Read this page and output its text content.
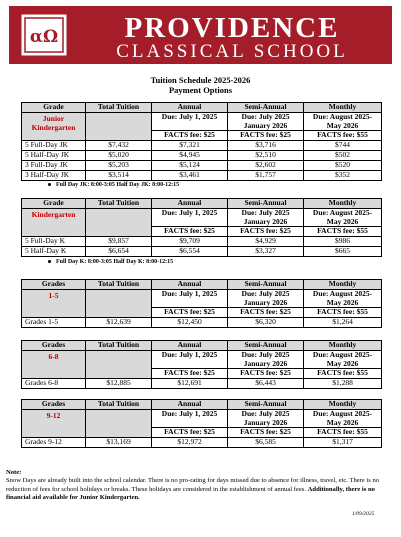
αΩ	PROVIDENCE
CLASSICAL SCHOOL
Tuition Schedule 2025-2026
Payment Options
Grade	Total Tuition	Annual	Semi-Annual	Monthly
Junior Kindergarten		Due: July 1, 2025	Due: July 2025 January 2026	Due: August 2025-May 2026
		FACTS fee: $25	FACTS fee: $25	FACTS fee: $55
5 Full-Day JK	$7,432	$7,321	$3,716	$744
5 Half-Day JK	$5,020	$4,945	$2,510	$502
3 Full-Day JK	$5,203	$5,124	$2,602	$520
3 Half-Day JK	$3,514	$3,461	$1,757	$352
Full Day JK: 8:00-3:05 Half Day JK: 8:00-12:15
Grade	Total Tuition	Annual	Semi-Annual	Monthly
Kindergarten		Due: July 1, 2025	Due: July 2025 January 2026	Due: August 2025-May 2026
		FACTS fee: $25	FACTS fee: $25	FACTS fee: $55
5 Full-Day K	$9,857	$9,709	$4,929	$986
5 Half-Day K	$6,654	$6,554	$3,327	$665
Full Day K: 8:00-3:05 Half Day K: 8:00-12:15
Grades	Total Tuition	Annual	Semi-Annual	Monthly
1-5		Due: July 1, 2025	Due: July 2025 January 2026	Due: August 2025-May 2026
		FACTS fee: $25	FACTS fee: $25	FACTS fee: $55
Grades 1-5	$12,639	$12,450	$6,320	$1,264
Grades	Total Tuition	Annual	Semi-Annual	Monthly
6-8		Due: July 1, 2025	Due: July 2025 January 2026	Due: August 2025-May 2026
		FACTS fee: $25	FACTS fee: $25	FACTS fee: $55
Grades 6-8	$12,885	$12,691	$6,443	$1,288
Grades	Total Tuition	Annual	Semi-Annual	Monthly
9-12		Due: July 1, 2025	Due: July 2025 January 2026	Due: August 2025-May 2026
		FACTS fee: $25	FACTS fee: $25	FACTS fee: $55
Grades 9-12	$13,169	$12,972	$6,585	$1,317
Note:
Snow Days are already built into the school calendar. There is no pro-rating for days missed due to absence for illness, travel, etc. There is no reduction of fees for school holidays or breaks. These holidays are considered in the establishment of annual fees. Additionally, there is no financial aid available for Junior Kindergarten.
1/09/2025
